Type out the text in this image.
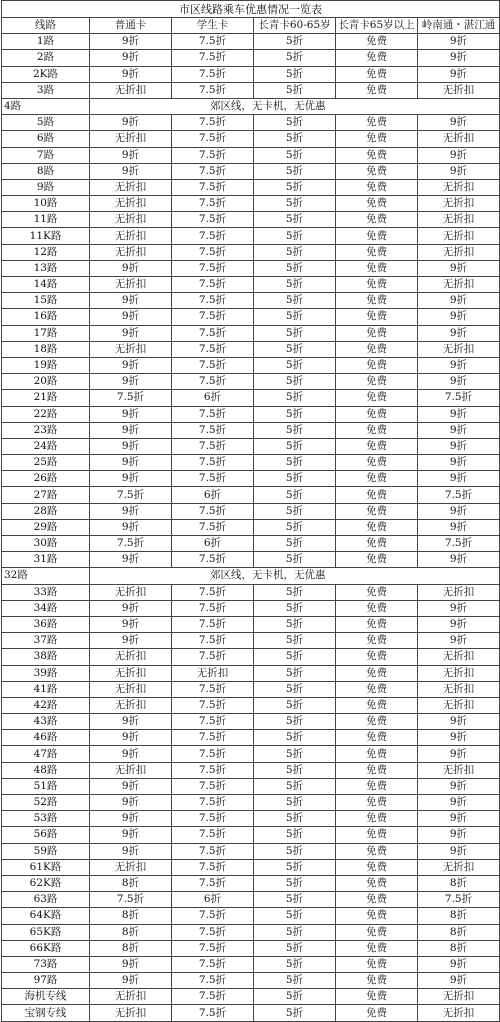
市区线路乘车优惠情况一览表					
线路	普通卡	学生卡	长青卡60-65岁	长青卡65岁以上	岭南通・湛江通
1路	9折	7.5折	5折	免费	9折
2路	9折	7.5折	5折	免费	9折
2K路	9折	7.5折	5折	免费	9折
3路	无折扣	7.5折	5折	免费	无折扣
4路	郊区线，无卡机，无优惠				
5路	9折	7.5折	5折	免费	9折
6路	无折扣	7.5折	5折	免费	无折扣
7路	9折	7.5折	5折	免费	9折
8路	9折	7.5折	5折	免费	9折
9路	无折扣	7.5折	5折	免费	无折扣
10路	无折扣	7.5折	5折	免费	无折扣
11路	无折扣	7.5折	5折	免费	无折扣
11K路	无折扣	7.5折	5折	免费	无折扣
12路	无折扣	7.5折	5折	免费	无折扣
13路	9折	7.5折	5折	免费	9折
14路	无折扣	7.5折	5折	免费	无折扣
15路	9折	7.5折	5折	免费	9折
16路	9折	7.5折	5折	免费	9折
17路	9折	7.5折	5折	免费	9折
18路	无折扣	7.5折	5折	免费	无折扣
19路	9折	7.5折	5折	免费	9折
20路	9折	7.5折	5折	免费	9折
21路	7.5折	6折	5折	免费	7.5折
22路	9折	7.5折	5折	免费	9折
23路	9折	7.5折	5折	免费	9折
24路	9折	7.5折	5折	免费	9折
25路	9折	7.5折	5折	免费	9折
26路	9折	7.5折	5折	免费	9折
27路	7.5折	6折	5折	免费	7.5折
28路	9折	7.5折	5折	免费	9折
29路	9折	7.5折	5折	免费	9折
30路	7.5折	6折	5折	免费	7.5折
31路	9折	7.5折	5折	免费	9折
32路	郊区线，无卡机，无优惠				
33路	无折扣	7.5折	5折	免费	无折扣
34路	9折	7.5折	5折	免费	9折
36路	9折	7.5折	5折	免费	9折
37路	9折	7.5折	5折	免费	9折
38路	无折扣	7.5折	5折	免费	无折扣
39路	无折扣	无折扣	5折	免费	无折扣
41路	无折扣	7.5折	5折	免费	无折扣
42路	无折扣	7.5折	5折	免费	无折扣
43路	9折	7.5折	5折	免费	9折
46路	9折	7.5折	5折	免费	9折
47路	9折	7.5折	5折	免费	9折
48路	无折扣	7.5折	5折	免费	无折扣
51路	9折	7.5折	5折	免费	9折
52路	9折	7.5折	5折	免费	9折
53路	9折	7.5折	5折	免费	9折
56路	9折	7.5折	5折	免费	9折
59路	9折	7.5折	5折	免费	9折
61K路	无折扣	7.5折	5折	免费	无折扣
62K路	8折	7.5折	5折	免费	8折
63路	7.5折	6折	5折	免费	7.5折
64K路	8折	7.5折	5折	免费	8折
65K路	8折	7.5折	5折	免费	8折
66K路	8折	7.5折	5折	免费	8折
73路	9折	7.5折	5折	免费	9折
97路	9折	7.5折	5折	免费	9折
海机专线	无折扣	7.5折	5折	免费	无折扣
宝钢专线	无折扣	7.5折	5折	免费	无折扣
